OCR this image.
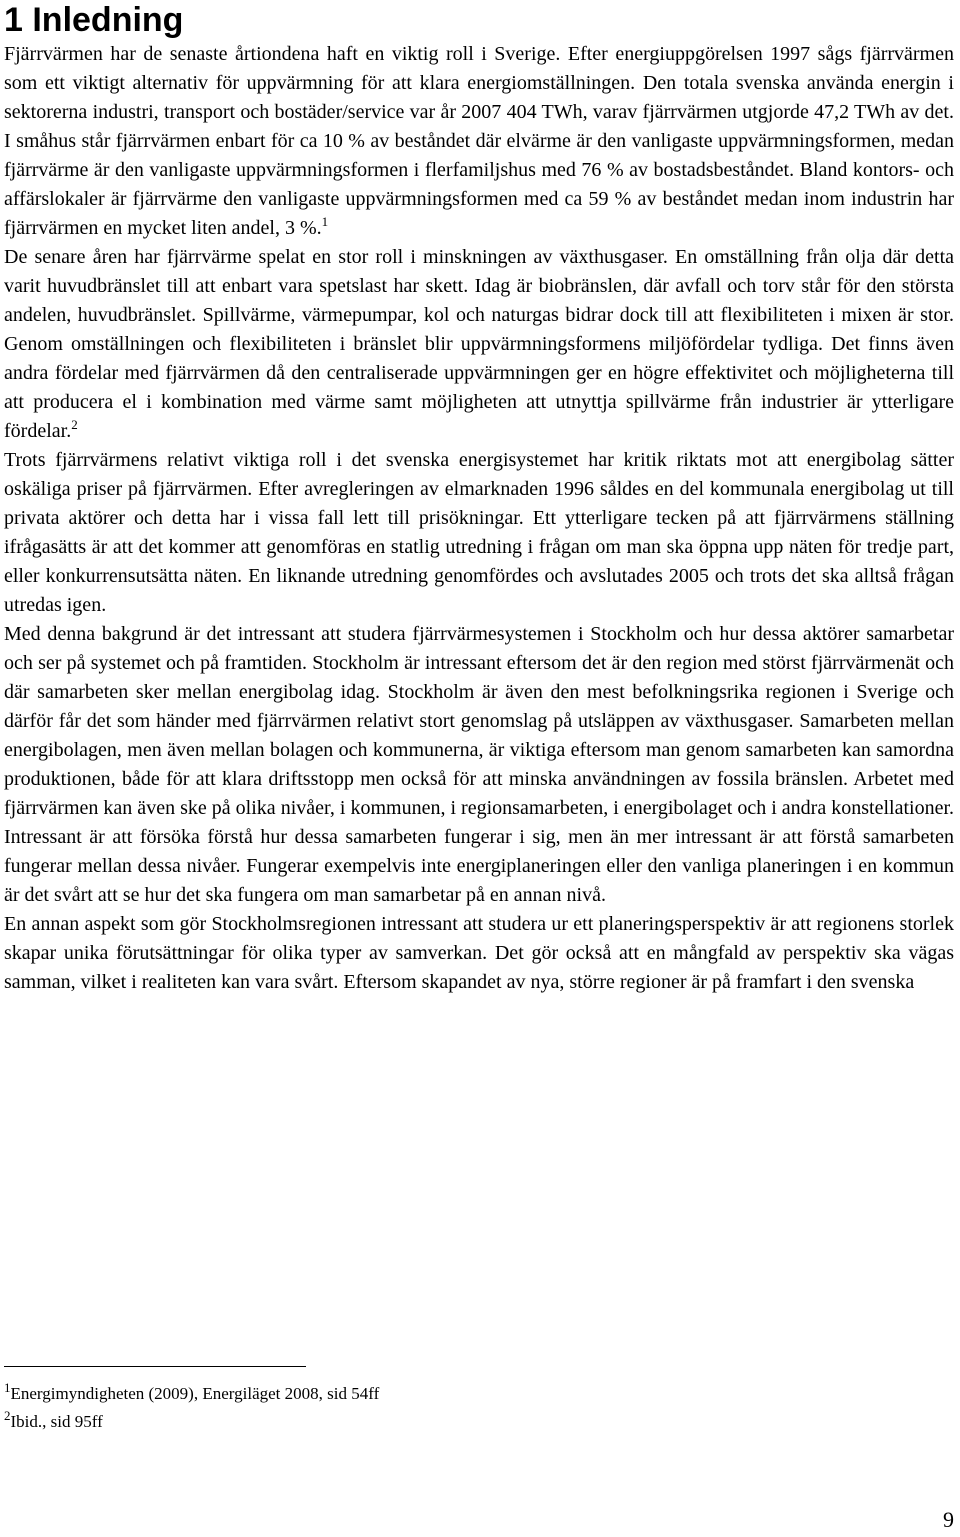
1 Inledning

Fjärrvärmen har de senaste årtiondena haft en viktig roll i Sverige. Efter energiuppgörelsen 1997 sågs fjärrvärmen som ett viktigt alternativ för uppvärmning för att klara energiomställningen. Den totala svenska använda energin i sektorerna industri, transport och bostäder/service var år 2007 404 TWh, varav fjärrvärmen utgjorde 47,2 TWh av det. I småhus står fjärrvärmen enbart för ca 10 % av beståndet där elvärme är den vanligaste uppvärmningsformen, medan fjärrvärme är den vanligaste uppvärmningsformen i flerfamiljshus med 76 % av bostadsbeståndet. Bland kontors- och affärslokaler är fjärrvärme den vanligaste uppvärmningsformen med ca 59 % av beståndet medan inom industrin har fjärrvärmen en mycket liten andel, 3 %.$^1$

De senare åren har fjärrvärme spelat en stor roll i minskningen av växthusgaser. En omställning från olja där detta varit huvudbränslet till att enbart vara spetslast har skett. Idag är biobränslen, där avfall och torv står för den största andelen, huvudbränslet. Spillvärme, värmepumpar, kol och naturgas bidrar dock till att flexibiliteten i mixen är stor. Genom omställningen och flexibiliteten i bränslet blir uppvärmningsformens miljöfördelar tydliga. Det finns även andra fördelar med fjärrvärmen då den centraliserade uppvärmningen ger en högre effektivitet och möjligheterna till att producera el i kombination med värme samt möjligheten att utnyttja spillvärme från industrier är ytterligare fördelar.$^2$

Trots fjärrvärmens relativt viktiga roll i det svenska energisystemet har kritik riktats mot att energibolag sätter oskäliga priser på fjärrvärmen. Efter avregleringen av elmarknaden 1996 såldes en del kommunala energibolag ut till privata aktörer och detta har i vissa fall lett till prisökningar. Ett ytterligare tecken på att fjärrvärmens ställning ifrågasätts är att det kommer att genomföras en statlig utredning i frågan om man ska öppna upp näten för tredje part, eller konkurrensutsätta näten. En liknande utredning genomfördes och avslutades 2005 och trots det ska alltså frågan utredas igen.

Med denna bakgrund är det intressant att studera fjärrvärmesystemen i Stockholm och hur dessa aktörer samarbetar och ser på systemet och på framtiden. Stockholm är intressant eftersom det är den region med störst fjärrvärmenät och där samarbeten sker mellan energibolag idag. Stockholm är även den mest befolkningsrika regionen i Sverige och därför får det som händer med fjärrvärmen relativt stort genomslag på utsläppen av växthusgaser. Samarbeten mellan energibolagen, men även mellan bolagen och kommunerna, är viktiga eftersom man genom samarbeten kan samordna produktionen, både för att klara driftsstopp men också för att minska användningen av fossila bränslen. Arbetet med fjärrvärmen kan även ske på olika nivåer, i kommunen, i regionsamarbeten, i energibolaget och i andra konstellationer. Intressant är att försöka förstå hur dessa samarbeten fungerar i sig, men än mer intressant är att förstå samarbeten fungerar mellan dessa nivåer. Fungerar exempelvis inte energiplaneringen eller den vanliga planeringen i en kommun är det svårt att se hur det ska fungera om man samarbetar på en annan nivå.

En annan aspekt som gör Stockholmsregionen intressant att studera ur ett planeringsperspektiv är att regionens storlek skapar unika förutsättningar för olika typer av samverkan. Det gör också att en mångfald av perspektiv ska vägas samman, vilket i realiteten kan vara svårt. Eftersom skapandet av nya, större regioner är på framfart i den svenska

$^1$Energimyndigheten (2009), Energiläget 2008, sid 54ff
$^2$Ibid., sid 95ff
9
